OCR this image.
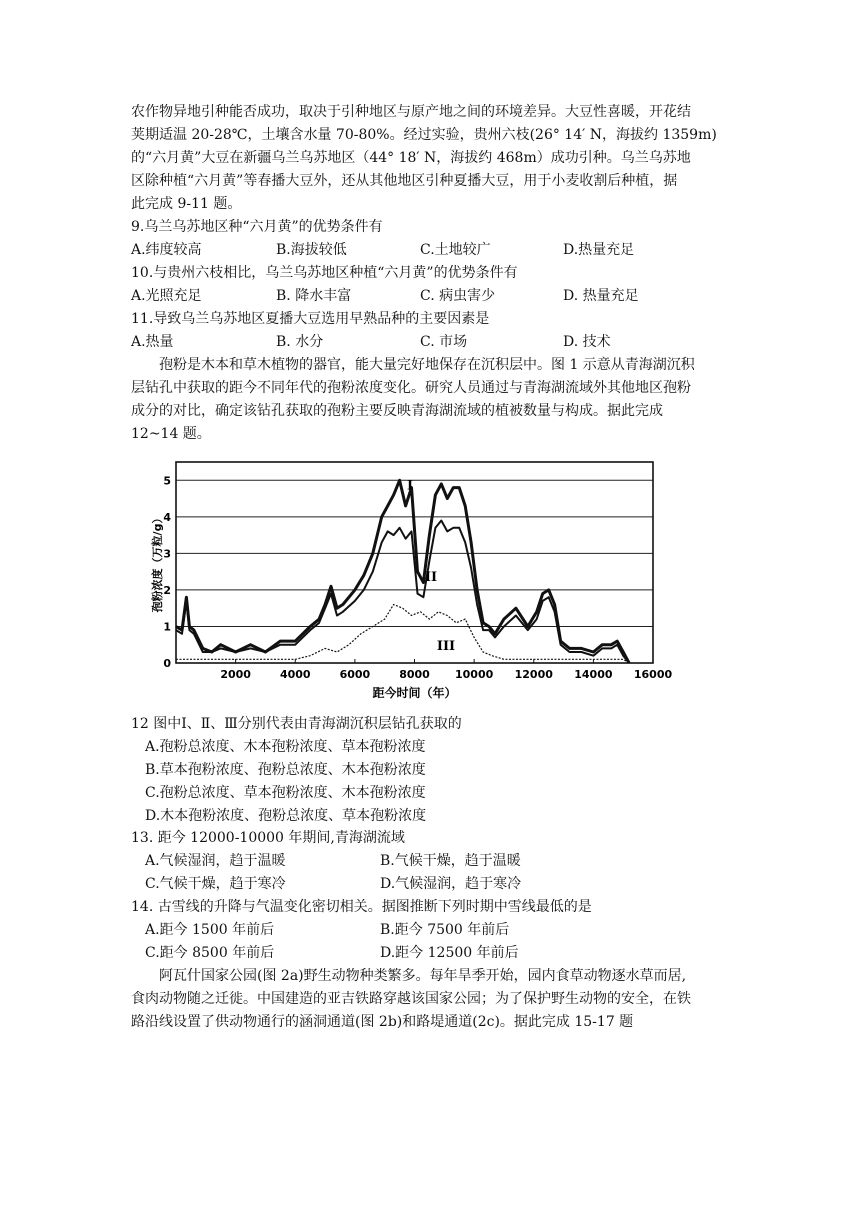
农作物异地引种能否成功，取决于引种地区与原产地之间的环境差异。大豆性喜暖，开花结
荚期适温 20-28℃，土壤含水量 70-80%。经过实验，贵州六枝(26° 14′ N，海拔约 1359m)
的“六月黄”大豆在新疆乌兰乌苏地区（44° 18′ N，海拔约 468m）成功引种。乌兰乌苏地
区除种植“六月黄”等春播大豆外，还从其他地区引种夏播大豆，用于小麦收割后种植，据
此完成 9-11 题。
9.乌兰乌苏地区种“六月黄”的优势条件有
A.纬度较高	B.海拔较低	C.土地较广	D.热量充足
10.与贵州六枝相比，乌兰乌苏地区种植“六月黄”的优势条件有
A.光照充足	B. 降水丰富	C. 病虫害少	D. 热量充足
11.导致乌兰乌苏地区夏播大豆选用早熟品种的主要因素是
A.热量	B. 水分	C. 市场	D. 技术
孢粉是木本和草木植物的器官，能大量完好地保存在沉积层中。图 1 示意从青海湖沉积
层钻孔中获取的距今不同年代的孢粉浓度变化。研究人员通过与青海湖流域外其他地区孢粉
成分的对比，确定该钻孔获取的孢粉主要反映青海湖流域的植被数量与构成。据此完成
12~14 题。
0
1
2
3
4
5
2000	4000	6000	8000 10000 12000 14000 16000
孢粉浓度（万粒/g）
距今时间（年）
I
II
III
12 图中Ⅰ、Ⅱ、Ⅲ分别代表由青海湖沉积层钻孔获取的
A.孢粉总浓度、木本孢粉浓度、草本孢粉浓度
B.草本孢粉浓度、孢粉总浓度、木本孢粉浓度
C.孢粉总浓度、草本孢粉浓度、木本孢粉浓度
D.木本孢粉浓度、孢粉总浓度、草本孢粉浓度
13. 距今 12000-10000 年期间,青海湖流域
A.气候湿润，趋于温暖	B.气候干燥，趋于温暖
C.气候干燥，趋于寒冷	D.气候湿润，趋于寒冷
14. 古雪线的升降与气温变化密切相关。据图推断下列时期中雪线最低的是
A.距今 1500 年前后	B.距今 7500 年前后
C.距今 8500 年前后	D.距今 12500 年前后
阿瓦什国家公园(图 2a)野生动物种类繁多。每年旱季开始，园内食草动物逐水草而居,
食肉动物随之迁徙。中国建造的亚吉铁路穿越该国家公园；为了保护野生动物的安全，在铁
路沿线设置了供动物通行的涵洞通道(图 2b)和路堤通道(2c)。据此完成 15-17 题
